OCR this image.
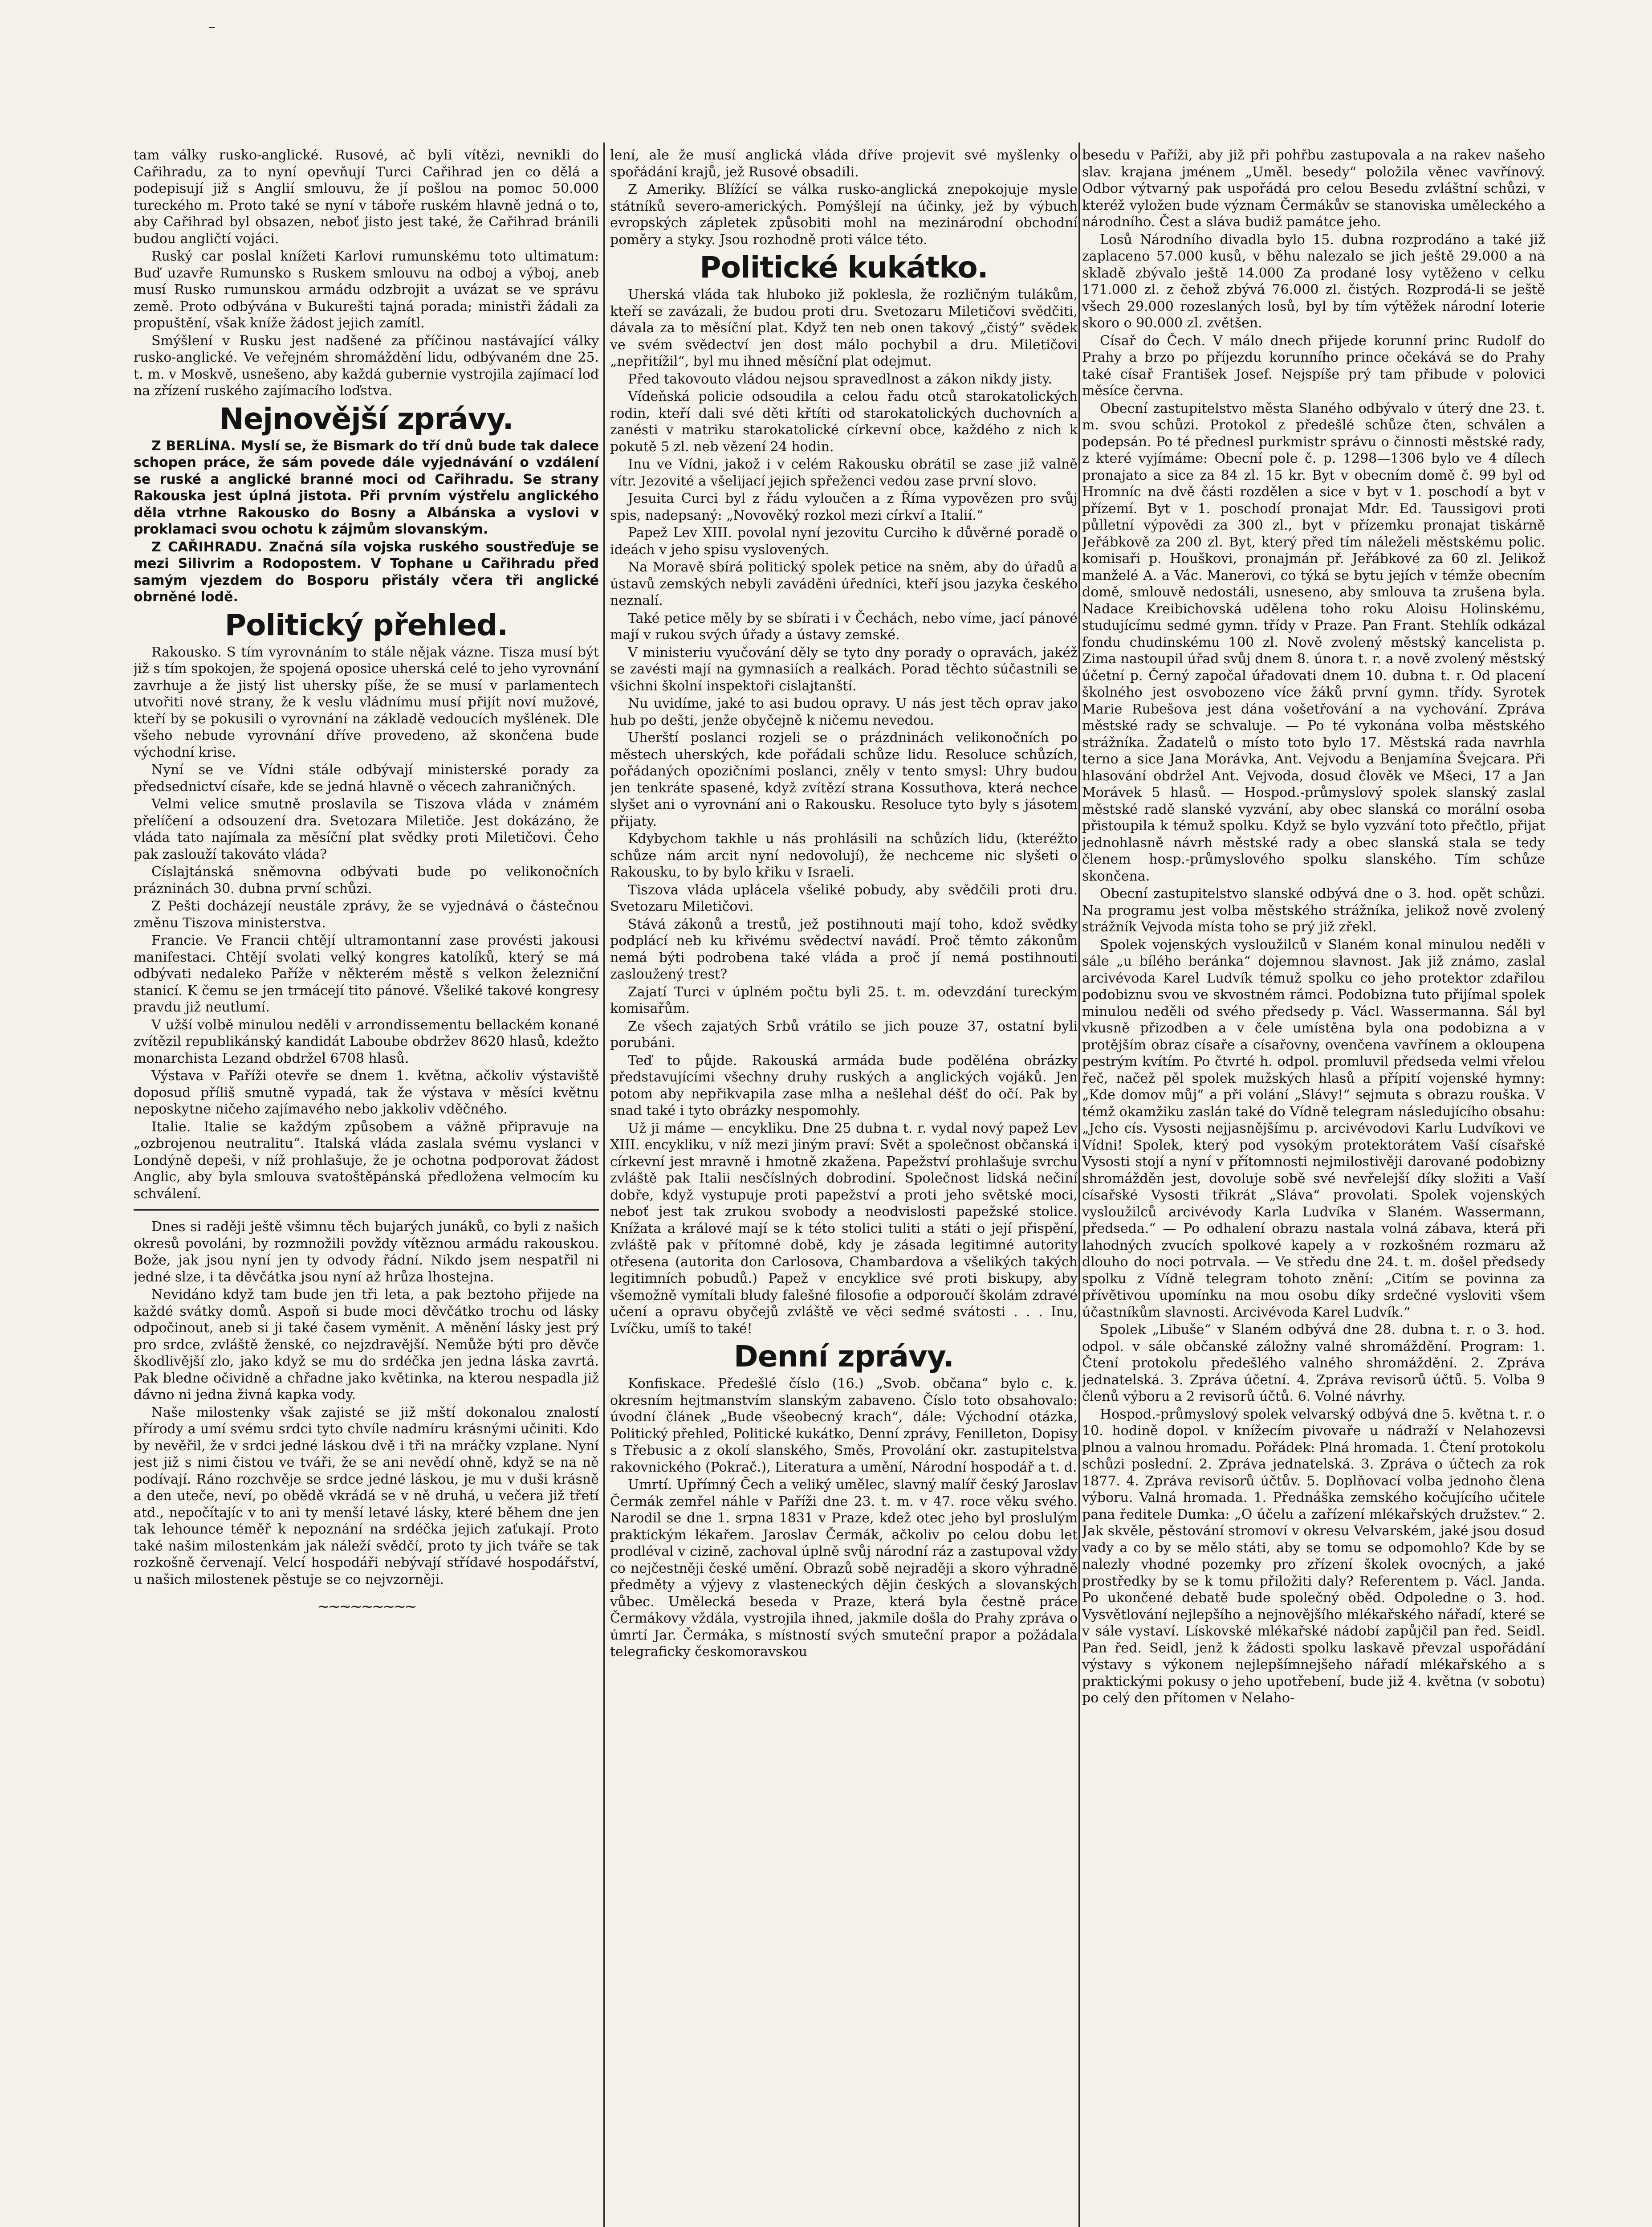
tam války rusko-anglické. Rusové, ač byli vítězi, nevnikli do Cařihradu, za to nyní opevňují Turci Cařihrad jen co dělá a podepisují již s Anglií smlouvu, že jí pošlou na pomoc 50.000 tureckého m. Proto také se nyní v táboře ruském hlavně jedná o to, aby Cařihrad byl obsazen, neboť jisto jest také, že Cařihrad bránili budou angličtí vojáci.

Ruský car poslal knížeti Karlovi rumunskému toto ultimatum: Buď uzavře Rumunsko s Ruskem smlouvu na odboj a výboj, aneb musí Rusko rumunskou armádu odzbrojit a uvázat se ve správu země. Proto odbývána v Bukurešti tajná porada; ministři žádali za propuštění, však kníže žádost jejich zamítl.

Smýšlení v Rusku jest nadšené za příčinou nastávající války rusko-anglické. Ve veřejném shromáždění lidu, odbývaném dne 25. t. m. v Moskvě, usnešeno, aby každá gubernie vystrojila zajímací loď na zřízení ruského zajímacího loďstva.

Nejnovější zprávy.

Z BERLÍNA. Myslí se, že Bismark do tří dnů bude tak dalece schopen práce, že sám povede dále vyjednávání o vzdálení se ruské a anglické branné moci od Cařihradu. Se strany Rakouska jest úplná jistota. Při prvním výstřelu anglického děla vtrhne Rakousko do Bosny a Albánska a vyslovi v proklamaci svou ochotu k zájmům slovanským.

Z CAŘIHRADU. Značná síla vojska ruského soustřeďuje se mezi Silivrim a Rodopostem. V Tophane u Cařihradu před samým vjezdem do Bosporu přistály včera tři anglické obrněné lodě.

Politický přehled.

Rakousko. S tím vyrovnáním to stále nějak vázne. Tisza musí být již s tím spokojen, že spojená oposice uherská celé to jeho vyrovnání zavrhuje a že jistý list uhersky píše, že se musí v parlamentech utvořiti nové strany, že k veslu vládnímu musí přijít noví mužové, kteří by se pokusili o vyrovnání na základě vedoucích myšlének. Dle všeho nebude vyrovnání dříve provedeno, až skončena bude východní krise.

Nyní se ve Vídni stále odbývají ministerské porady za předsednictví císaře, kde se jedná hlavně o věcech zahraničných.

Velmi velice smutně proslavila se Tiszova vláda v známém přelíčení a odsouzení dra. Svetozara Miletiče. Jest dokázáno, že vláda tato najímala za měsíční plat svědky proti Miletičovi. Čeho pak zaslouží takováto vláda?

Císlajtánská sněmovna odbývati bude po velikonočních prázninách 30. dubna první schůzi.

Z Pešti docházejí neustále zprávy, že se vyjednává o částečnou změnu Tiszova ministerstva.

Francie. Ve Francii chtějí ultramontanní zase provésti jakousi manifestaci. Chtějí svolati velký kongres katolíků, který se má odbývati nedaleko Paříže v některém městě s velkon železniční stanicí. K čemu se jen trmácejí tito pánové. Všeliké takové kongresy pravdu již neutlumí.

V užší volbě minulou neděli v arrondissementu bellackém konané zvítězil republikánský kandidát Laboube obdržev 8620 hlasů, kdežto monarchista Lezand obdržel 6708 hlasů.

Výstava v Paříži otevře se dnem 1. května, ačkoliv výstaviště doposud příliš smutně vypadá, tak že výstava v měsíci květnu neposkytne ničeho zajímavého nebo jakkoliv vděčného.

Italie. Italie se každým způsobem a vážně připravuje na „ozbrojenou neutralitu“. Italská vláda zaslala svému vyslanci v Londýně depeši, v níž prohlašuje, že je ochotna podporovat žádost Anglic, aby byla smlouva svatoštěpánská předložena velmocím ku schválení.

Dnes si raději ještě všimnu těch bujarých junáků, co byli z našich okresů povoláni, by rozmnožili povždy vítěznou armádu rakouskou. Bože, jak jsou nyní jen ty odvody řádní. Nikdo jsem nespatřil ni jedné slze, i ta děvčátka jsou nyní až hrůza lhostejna.

Nevidáno když tam bude jen tři leta, a pak beztoho přijede na každé svátky domů. Aspoň si bude moci děvčátko trochu od lásky odpočinout, aneb si ji také časem vyměnit. A měnění lásky jest prý pro srdce, zvláště ženské, co nejzdravější. Nemůže býti pro děvče škodlivější zlo, jako když se mu do srdéčka jen jedna láska zavrtá. Pak bledne očividně a chřadne jako květinka, na kterou nespadla již dávno ni jedna živná kapka vody.

Naše milostenky však zajisté se již mští dokonalou znalostí přírody a umí svému srdci tyto chvíle nadmíru krásnými učiniti. Kdo by nevěřil, že v srdci jedné láskou dvě i tři na mráčky vzplane. Nyní jest již s nimi čistou ve tváři, že se ani nevědí ohně, když se na ně podívají. Ráno rozchvěje se srdce jedné láskou, je mu v duši krásně a den uteče, neví, po obědě vkrádá se v ně druhá, u večera již třetí atd., nepočítajíc v to ani ty menší letavé lásky, které během dne jen tak lehounce téměř k nepoznání na srdéčka jejich zaťukají. Proto také našim milostenkám jak náleží svědčí, proto ty jich tváře se tak rozkošně červenají. Velcí hospodáři nebývají střídavé hospodářství, u našich milostenek pěstuje se co nejvzorněji.

~~~~~~~~~

lení, ale že musí anglická vláda dříve projevit své myšlenky o spořádání krajů, jež Rusové obsadili.

Z Ameriky. Blížící se válka rusko-anglická znepokojuje mysle státníků severo-amerických. Pomýšlejí na účinky, jež by výbuch evropských zápletek způsobiti mohl na mezinárodní obchodní poměry a styky. Jsou rozhodně proti válce této.

Politické kukátko.

Uherská vláda tak hluboko již poklesla, že rozličným tulákům, kteří se zavázali, že budou proti dru. Svetozaru Miletičovi svědčiti, dávala za to měsíční plat. Když ten neb onen takový „čistý“ svědek ve svém svědectví jen dost málo pochybil a dru. Miletičovi „nepřitížil“, byl mu ihned měsíční plat odejmut.

Před takovouto vládou nejsou spravedlnost a zákon nikdy jisty.

Vídeňská policie odsoudila a celou řadu otců starokatolických rodin, kteří dali své děti křtíti od starokatolických duchovních a zanésti v matriku starokatolické církevní obce, každého z nich k pokutě 5 zl. neb vězení 24 hodin.

Inu ve Vídni, jakož i v celém Rakousku obrátil se zase již valně vítr. Jezovité a všelijací jejich spřeženci vedou zase první slovo.

Jesuita Curci byl z řádu vyloučen a z Říma vypovězen pro svůj spis, nadepsaný: „Novověký rozkol mezi církví a Italií.“

Papež Lev XIII. povolal nyní jezovitu Curciho k důvěrné poradě o ideách v jeho spisu vyslovených.

Na Moravě sbírá politický spolek petice na sněm, aby do úřadů a ústavů zemských nebyli zaváděni úředníci, kteří jsou jazyka českého neznalí.

Také petice měly by se sbírati i v Čechách, nebo víme, jací pánové mají v rukou svých úřady a ústavy zemské.

V ministeriu vyučování děly se tyto dny porady o opravách, jakéž se zavésti mají na gymnasiích a realkách. Porad těchto súčastnili se všichni školní inspektoři cislajtanští.

Nu uvidíme, jaké to asi budou opravy. U nás jest těch oprav jako hub po dešti, jenže obyčejně k ničemu nevedou.

Uherští poslanci rozjeli se o prázdninách velikonočních po městech uherských, kde pořádali schůze lidu. Resoluce schůzích, pořádaných opozičními poslanci, zněly v tento smysl: Uhry budou jen tenkráte spasené, když zvítězí strana Kossuthova, která nechce slyšet ani o vyrovnání ani o Rakousku. Resoluce tyto byly s jásotem přijaty.

Kdybychom takhle u nás prohlásili na schůzích lidu, (kteréžto schůze nám arcit nyní nedovolují), že nechceme nic slyšeti o Rakousku, to by bylo křiku v Israeli.

Tiszova vláda uplácela všeliké pobudy, aby svědčili proti dru. Svetozaru Miletičovi.

Stává zákonů a trestů, jež postihnouti mají toho, kdož svědky podplácí neb ku křivému svědectví navádí. Proč těmto zákonům nemá býti podrobena také vláda a proč jí nemá postihnouti zasloužený trest?

Zajatí Turci v úplném počtu byli 25. t. m. odevzdání tureckým komisařům.

Ze všech zajatých Srbů vrátilo se jich pouze 37, ostatní byli porubáni.

Teď to půjde. Rakouská armáda bude poděléna obrázky představujícími všechny druhy ruských a anglických vojáků. Jen potom aby nepřikvapila zase mlha a nešlehal déšť do očí. Pak by snad také i tyto obrázky nespomohly.

Už ji máme — encykliku. Dne 25 dubna t. r. vydal nový papež Lev XIII. encykliku, v níž mezi jiným praví: Svět a společnost občanská i církevní jest mravně i hmotně zkažena. Papežství prohlašuje svrchu zvláště pak Italii nesčíslných dobrodiní. Společnost lidská nečiní dobře, když vystupuje proti papežství a proti jeho světské moci, neboť jest tak zrukou svobody a neodvislosti papežské stolice. Knížata a králové mají se k této stolici tuliti a státi o její přispění, zvláště pak v přítomné době, kdy je zásada legitimné autority otřesena (autorita don Carlosova, Chambardova a všelikých takých legitimních pobudů.) Papež v encyklice své proti biskupy, aby všemožně vymítali bludy falešné filosofie a odporoučí školám zdravé učení a opravu obyčejů zvláště ve věci sedmé svátosti . . . Inu, Lvíčku, umíš to také!

Denní zprávy.

Konfiskace. Předešlé číslo (16.) „Svob. občana“ bylo c. k. okresním hejtmanstvím slanským zabaveno. Číslo toto obsahovalo: úvodní článek „Bude všeobecný krach“, dále: Východní otázka, Politický přehled, Politické kukátko, Denní zprávy, Fenilleton, Dopisy s Třebusic a z okolí slanského, Směs, Provolání okr. zastupitelstva rakovnického (Pokrač.), Literatura a umění, Národní hospodář a t. d.

Umrtí. Upřímný Čech a veliký umělec, slavný malíř český Jaroslav Čermák zemřel náhle v Paříži dne 23. t. m. v 47. roce věku svého. Narodil se dne 1. srpna 1831 v Praze, kdež otec jeho byl proslulým praktickým lékařem. Jaroslav Čermák, ačkoliv po celou dobu let prodléval v cizině, zachoval úplně svůj národní ráz a zastupoval vždy co nejčestněji české umění. Obrazů sobě nejraději a skoro výhradně předměty a výjevy z vlasteneckých dějin českých a slovanských vůbec. Umělecká beseda v Praze, která byla čestně práce Čermákovy vždála, vystrojila ihned, jakmile došla do Prahy zpráva o úmrtí Jar. Čermáka, s místností svých smuteční prapor a požádala telegraficky českomoravskou

besedu v Paříži, aby již při pohřbu zastupovala a na rakev našeho slav. krajana jménem „Uměl. besedy“ položila věnec vavřínový. Odbor výtvarný pak uspořádá pro celou Besedu zvláštní schůzi, v kteréž vyložen bude význam Čermákův se stanoviska uměleckého a národního. Čest a sláva budiž památce jeho.

Losů Národního divadla bylo 15. dubna rozprodáno a také již zaplaceno 57.000 kusů, v běhu nalezalo se jich ještě 29.000 a na skladě zbývalo ještě 14.000 Za prodané losy vytěženo v celku 171.000 zl. z čehož zbývá 76.000 zl. čistých. Rozprodá-li se ještě všech 29.000 rozeslaných losů, byl by tím výtěžek národní loterie skoro o 90.000 zl. zvětšen.

Císař do Čech. V málo dnech přijede korunní princ Rudolf do Prahy a brzo po příjezdu korunního prince očekává se do Prahy také císař František Josef. Nejspíše prý tam přibude v polovici měsíce června.

Obecní zastupitelstvo města Slaného odbývalo v úterý dne 23. t. m. svou schůzi. Protokol z předešlé schůze čten, schválen a podepsán. Po té přednesl purkmistr správu o činnosti městské rady, z které vyjímáme: Obecní pole č. p. 1298—1306 bylo ve 4 dílech pronajato a sice za 84 zl. 15 kr. Byt v obecním domě č. 99 byl od Hromníc na dvě části rozdělen a sice v byt v 1. poschodí a byt v přízemí. Byt v 1. poschodí pronajat Mdr. Ed. Taussigovi proti půlletní výpovědi za 300 zl., byt v přízemku pronajat tiskárně Jeřábkově za 200 zl. Byt, který před tím náleželi městskému polic. komisaři p. Houškovi, pronajmán př. Jeřábkové za 60 zl. Jelikož manželé A. a Vác. Manerovi, co týká se bytu jejích v témže obecním domě, smlouvě nedostáli, usneseno, aby smlouva ta zrušena byla. Nadace Kreibichovská udělena toho roku Aloisu Holinskému, studujícímu sedmé gymn. třídy v Praze. Pan Frant. Stehlík odkázal fondu chudinskému 100 zl. Nově zvolený městský kancelista p. Zima nastoupil úřad svůj dnem 8. února t. r. a nově zvolený městský účetní p. Černý započal úřadovati dnem 10. dubna t. r. Od placení školného jest osvobozeno více žáků první gymn. třídy. Syrotek Marie Rubešova jest dána vošetřování a na vychování. Zpráva městské rady se schvaluje. — Po té vykonána volba městského strážníka. Žadatelů o místo toto bylo 17. Městská rada navrhla terno a sice Jana Morávka, Ant. Vejvodu a Benjamína Švejcara. Při hlasování obdržel Ant. Vejvoda, dosud člověk ve Mšeci, 17 a Jan Morávek 5 hlasů. — Hospod.-průmyslový spolek slanský zaslal městské radě slanské vyzvání, aby obec slanská co morální osoba přistoupila k témuž spolku. Když se bylo vyzvání toto přečtlo, přijat jednohlasně návrh městské rady a obec slanská stala se tedy členem hosp.-průmyslového spolku slanského. Tím schůze skončena.

Obecní zastupitelstvo slanské odbývá dne o 3. hod. opět schůzi. Na programu jest volba městského strážníka, jelikož nově zvolený strážník Vejvoda místa toho se prý již zřekl.

Spolek vojenských vysloužilců v Slaném konal minulou neděli v sále „u bílého beránka“ dojemnou slavnost. Jak již známo, zaslal arcivévoda Karel Ludvík témuž spolku co jeho protektor zdařilou podobiznu svou ve skvostném rámci. Podobizna tuto přijímal spolek minulou neděli od svého předsedy p. Václ. Wassermanna. Sál byl vkusně přizodben a v čele umístěna byla ona podobizna a v protějším obraz císaře a císařovny, ovenčena vavřínem a okloupena pestrým kvítím. Po čtvrté h. odpol. promluvil předseda velmi vřelou řeč, načež pěl spolek mužských hlasů a přípití vojenské hymny: „Kde domov můj“ a při volání „Slávy!“ sejmuta s obrazu rouška. V témž okamžiku zaslán také do Vídně telegram následujícího obsahu: „Jcho cís. Vysosti nejjasnějšímu p. arcivévodovi Karlu Ludvíkovi ve Vídni! Spolek, který pod vysokým protektorátem Vaší císařské Vysosti stojí a nyní v přítomnosti nejmilostivěji darované podobizny shromážděn jest, dovoluje sobě své nevřelejší díky složiti a Vaší císařské Vysosti třikrát „Sláva“ provolati. Spolek vojenských vysloužilců arcivévody Karla Ludvíka v Slaném. Wassermann, předseda.“ — Po odhalení obrazu nastala volná zábava, která při lahodných zvucích spolkové kapely a v rozkošném rozmaru až dlouho do noci potrvala. — Ve středu dne 24. t. m. došel předsedy spolku z Vídně telegram tohoto znění: „Citím se povinna za přívětivou upomínku na mou osobu díky srdečné vysloviti všem účastníkům slavnosti. Arcivévoda Karel Ludvík.“

Spolek „Libuše“ v Slaném odbývá dne 28. dubna t. r. o 3. hod. odpol. v sále občanské záložny valné shromáždění. Program: 1. Čtení protokolu předešlého valného shromáždění. 2. Zpráva jednatelská. 3. Zpráva účetní. 4. Zpráva revisorů účtů. 5. Volba 9 členů výboru a 2 revisorů účtů. 6. Volné návrhy.

Hospod.-průmyslový spolek velvarský odbývá dne 5. května t. r. o 10. hodině dopol. v knížecím pivovaře u nádraží v Nelahozevsi plnou a valnou hromadu. Pořádek: Plná hromada. 1. Čtení protokolu schůzi poslední. 2. Zpráva jednatelská. 3. Zpráva o účtech za rok 1877. 4. Zpráva revisorů účtův. 5. Doplňovací volba jednoho člena výboru. Valná hromada. 1. Přednáška zemského kočujícího učitele pana ředitele Dumka: „O účelu a zařízení mlékařských družstev.“ 2. Jak skvěle, pěstování stromoví v okresu Velvarském, jaké jsou dosud vady a co by se mělo státi, aby se tomu se odpomohlo? Kde by se nalezly vhodné pozemky pro zřízení školek ovocných, a jaké prostředky by se k tomu přiložiti daly? Referentem p. Václ. Janda. Po ukončené debatě bude společný oběd. Odpoledne o 3. hod. Vysvětlování nejlepšího a nejnovějšího mlékařského nářadí, které se v sále vystaví. Lískovské mlékařské nádobí zapůjčil pan řed. Seidl. Pan řed. Seidl, jenž k žádosti spolku laskavě převzal uspořádání výstavy s výkonem nejlepšímnejšeho nářadí mlékařského a s praktickými pokusy o jeho upotřebení, bude již 4. května (v sobotu) po celý den přítomen v Nelaho-
